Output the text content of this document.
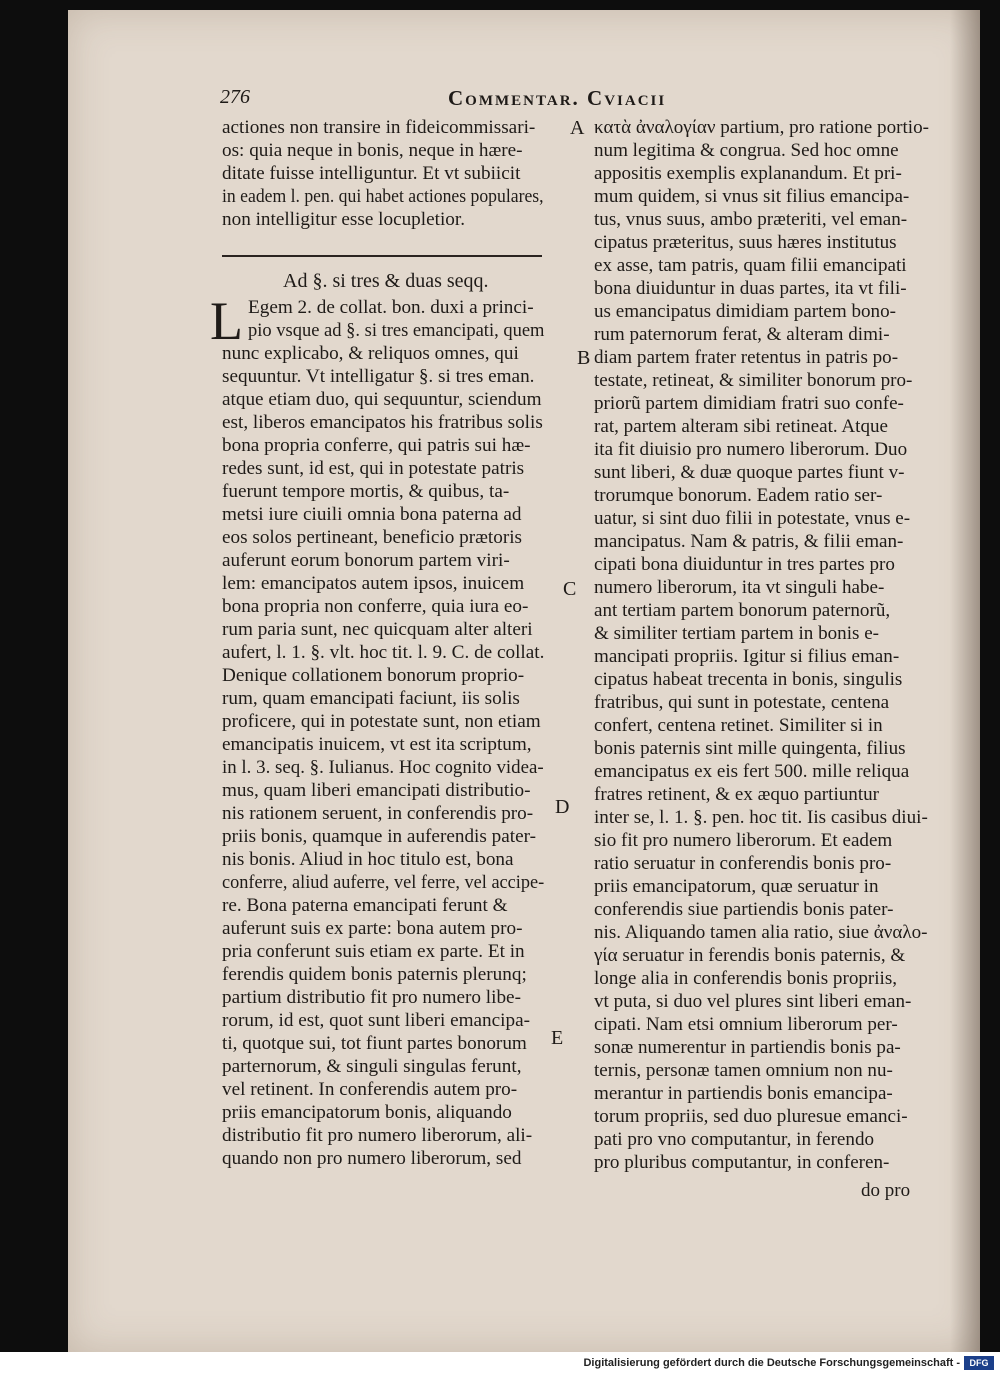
276	Commentar. Cviacii
actiones non transire in fideicommissari-
os: quia neque in bonis, neque in hære-
ditate fuisse intelliguntur. Et vt subiicit
in eadem l. pen. qui habet actiones populares,
non intelligitur esse locupletior.
Egem 2. de collat. bon. duxi a princi-
pio vsque ad §. si tres emancipati, quem
nunc explicabo, & reliquos omnes, qui
sequuntur. Vt intelligatur §. si tres eman.
atque etiam duo, qui sequuntur, sciendum
est, liberos emancipatos his fratribus solis
bona propria conferre, qui patris sui hæ-
redes sunt, id est, qui in potestate patris
fuerunt tempore mortis, & quibus, ta-
metsi iure ciuili omnia bona paterna ad
eos solos pertineant, beneficio prætoris
auferunt eorum bonorum partem viri-
lem: emancipatos autem ipsos, inuicem
bona propria non conferre, quia iura eo-
rum paria sunt, nec quicquam alter alteri
aufert, l. 1. §. vlt. hoc tit. l. 9. C. de collat.
Denique collationem bonorum proprio-
rum, quam emancipati faciunt, iis solis
proficere, qui in potestate sunt, non etiam
emancipatis inuicem, vt est ita scriptum,
in l. 3. seq. §. Iulianus. Hoc cognito videa-
mus, quam liberi emancipati distributio-
nis rationem seruent, in conferendis pro-
priis bonis, quamque in auferendis pater-
nis bonis. Aliud in hoc titulo est, bona
conferre, aliud auferre, vel ferre, vel accipe-
re. Bona paterna emancipati ferunt &
auferunt suis ex parte: bona autem pro-
pria conferunt suis etiam ex parte. Et in
ferendis quidem bonis paternis plerunq;
partium distributio fit pro numero libe-
rorum, id est, quot sunt liberi emancipa-
ti, quotque sui, tot fiunt partes bonorum
parternorum, & singuli singulas ferunt,
vel retinent. In conferendis autem pro-
priis emancipatorum bonis, aliquando
distributio fit pro numero liberorum, ali-
quando non pro numero liberorum, sed
Ad §. si tres & duas seqq.
L
κατὰ ἀναλογίαν partium, pro ratione portio-
num legitima & congrua. Sed hoc omne
appositis exemplis explanandum. Et pri-
mum quidem, si vnus sit filius emancipa-
tus, vnus suus, ambo præteriti, vel eman-
cipatus præteritus, suus hæres institutus
ex asse, tam patris, quam filii emancipati
bona diuiduntur in duas partes, ita vt fili-
us emancipatus dimidiam partem bono-
rum paternorum ferat, & alteram dimi-
diam partem frater retentus in patris po-
testate, retineat, & similiter bonorum pro-
priorũ partem dimidiam fratri suo confe-
rat, partem alteram sibi retineat. Atque
ita fit diuisio pro numero liberorum. Duo
sunt liberi, & duæ quoque partes fiunt v-
trorumque bonorum. Eadem ratio ser-
uatur, si sint duo filii in potestate, vnus e-
mancipatus. Nam & patris, & filii eman-
cipati bona diuiduntur in tres partes pro
numero liberorum, ita vt singuli habe-
ant tertiam partem bonorum paternorũ,
& similiter tertiam partem in bonis e-
mancipati propriis. Igitur si filius eman-
cipatus habeat trecenta in bonis, singulis
fratribus, qui sunt in potestate, centena
confert, centena retinet. Similiter si in
bonis paternis sint mille quingenta, filius
emancipatus ex eis fert 500. mille reliqua
fratres retinent, & ex æquo partiuntur
inter se, l. 1. §. pen. hoc tit. Iis casibus diui-
sio fit pro numero liberorum. Et eadem
ratio seruatur in conferendis bonis pro-
priis emancipatorum, quæ seruatur in
conferendis siue partiendis bonis pater-
nis. Aliquando tamen alia ratio, siue ἀναλο-
γία seruatur in ferendis bonis paternis, &
longe alia in conferendis bonis propriis,
vt puta, si duo vel plures sint liberi eman-
cipati. Nam etsi omnium liberorum per-
sonæ numerentur in partiendis bonis pa-
ternis, personæ tamen omnium non nu-
merantur in partiendis bonis emancipa-
torum propriis, sed duo pluresue emanci-
pati pro vno computantur, in ferendo
pro pluribus computantur, in conferen-
A
B
C
D
E
do pro
Digitalisierung gefördert durch die Deutsche Forschungsgemeinschaft -	DFG
